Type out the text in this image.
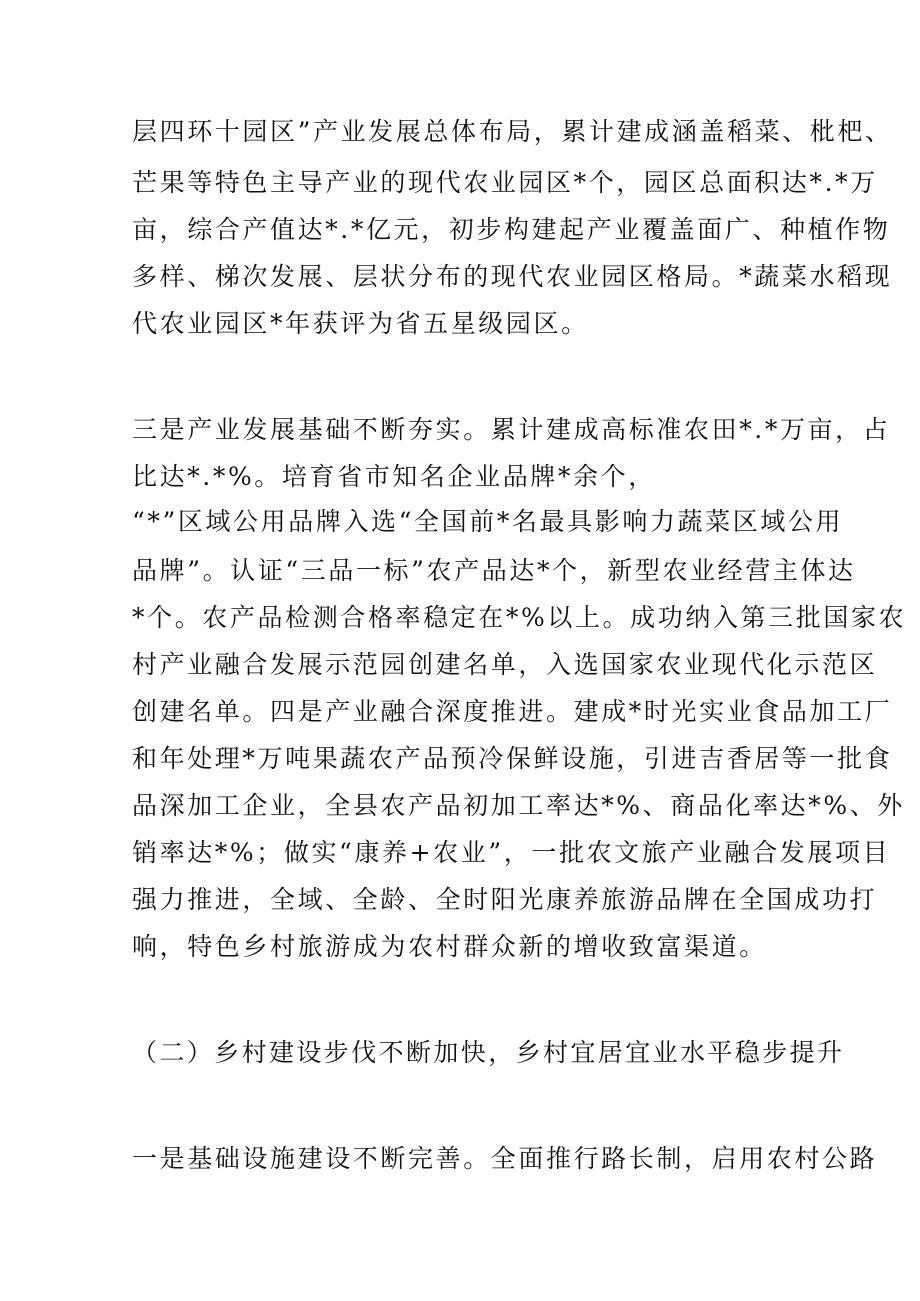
层四环十园区”产业发展总体布局，累计建成涵盖稻菜、枇杷、
芒果等特色主导产业的现代农业园区*个，园区总面积达*.*万
亩，综合产值达*.*亿元，初步构建起产业覆盖面广、种植作物
多样、梯次发展、层状分布的现代农业园区格局。*蔬菜水稻现
代农业园区*年获评为省五星级园区。
三是产业发展基础不断夯实。累计建成高标准农田*.*万亩，占
比达*.*%。培育省市知名企业品牌*余个，
“*”区域公用品牌入选“全国前*名最具影响力蔬菜区域公用
品牌”。认证“三品一标”农产品达*个，新型农业经营主体达
*个。农产品检测合格率稳定在*%以上。成功纳入第三批国家农
村产业融合发展示范园创建名单，入选国家农业现代化示范区
创建名单。四是产业融合深度推进。建成*时光实业食品加工厂
和年处理*万吨果蔬农产品预冷保鲜设施，引进吉香居等一批食
品深加工企业，全县农产品初加工率达*%、商品化率达*%、外
销率达*%；做实“康养+农业”，一批农文旅产业融合发展项目
强力推进，全域、全龄、全时阳光康养旅游品牌在全国成功打
响，特色乡村旅游成为农村群众新的增收致富渠道。
（二）乡村建设步伐不断加快，乡村宜居宜业水平稳步提升
一是基础设施建设不断完善。全面推行路长制，启用农村公路
